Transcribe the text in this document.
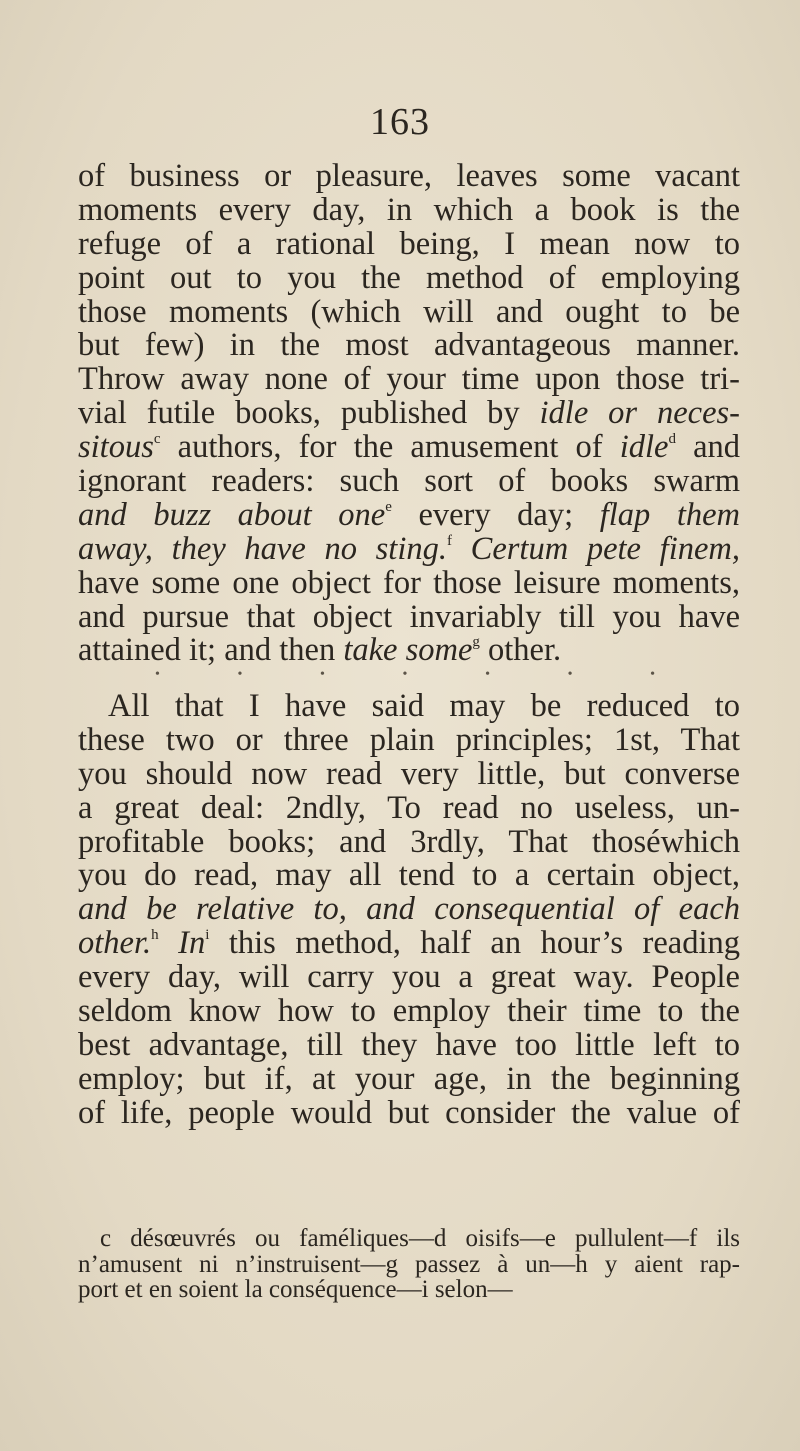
163
of business or pleasure, leaves some vacant
moments every day, in which a book is the
refuge of a rational being, I mean now to
point out to you the method of employing
those moments (which will and ought to be
but few) in the most advantageous manner.
Throw away none of your time upon those tri-
vial futile books, published by idle or neces-
sitous$^c$ authors, for the amusement of idle$^d$ and
ignorant readers: such sort of books swarm
and buzz about one$^e$ every day; flap them
away, they have no sting.$^f$ Certum pete finem,
have some one object for those leisure moments,
and pursue that object invariably till you have
attained it; and then take some$^g$ other.
•	•	•	•	•	•	•
All that I have said may be reduced to
these two or three plain principles; 1st, That
you should now read very little, but converse
a great deal: 2ndly, To read no useless, un-
profitable books; and 3rdly, That thoséwhich
you do read, may all tend to a certain object,
and be relative to, and consequential of each
other.$^h$ In$^i$ this method, half an hour’s reading
every day, will carry you a great way. People
seldom know how to employ their time to the
best advantage, till they have too little left to
employ; but if, at your age, in the beginning
of life, people would but consider the value of
c désœuvrés ou faméliques—d oisifs—e pullulent—f ils
n’amusent ni n’instruisent—g passez à un—h y aient rap-
port et en soient la conséquence—i selon—
